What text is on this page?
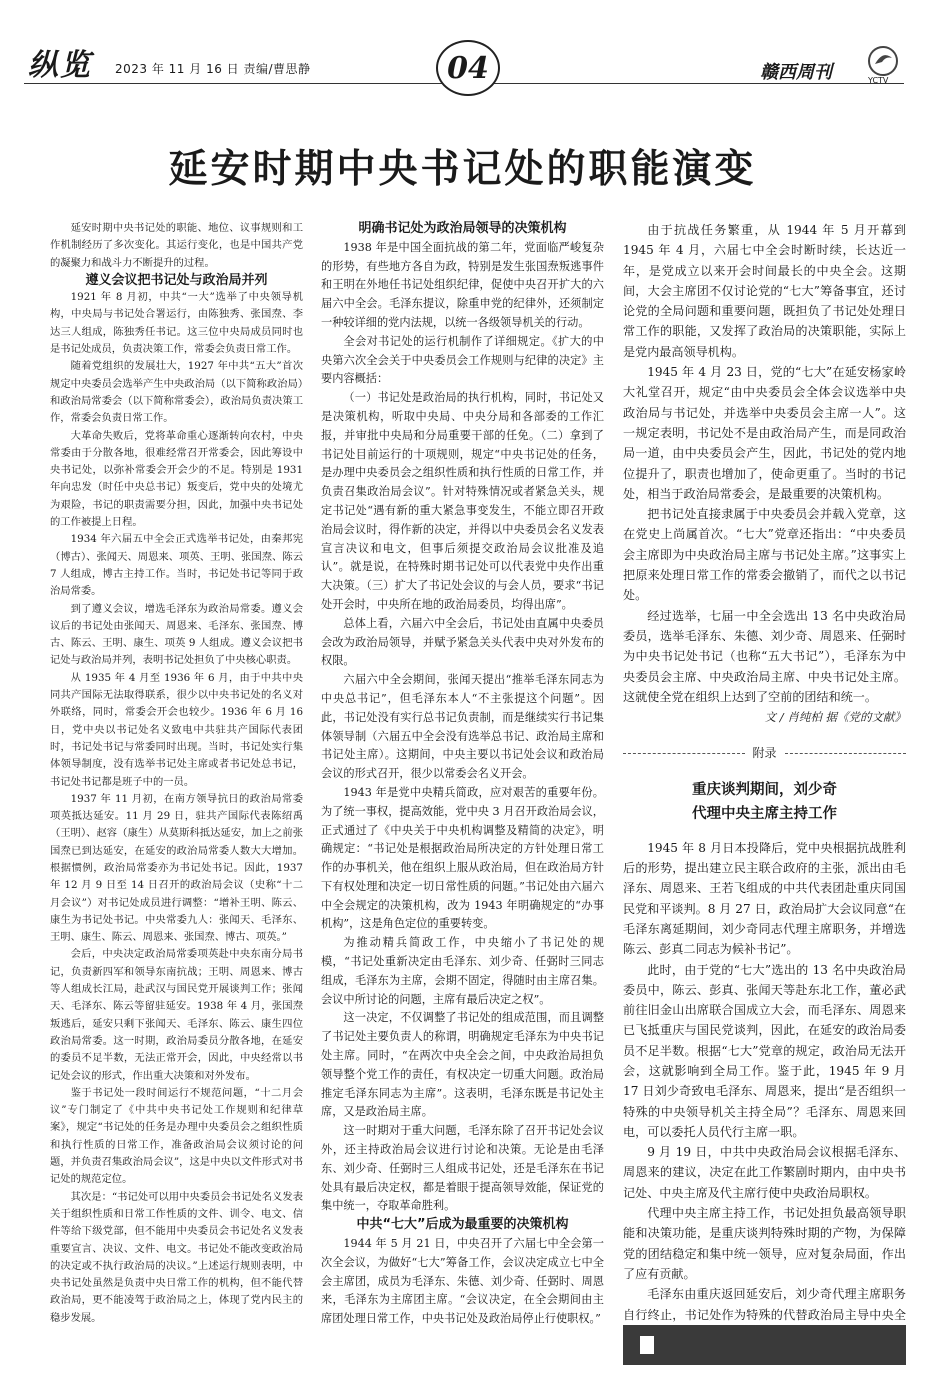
纵览 2023 年 11 月 16 日 责编/曹思静	04	赣西周刊	YCTV
延安时期中央书记处的职能演变

延安时期中央书记处的职能、地位、议事规则和工作机制经历了多次变化。其运行变化，也是中国共产党的凝聚力和战斗力不断提升的过程。

遵义会议把书记处与政治局并列

1921 年 8 月初，中共“一大”选举了中央领导机构，中央局与书记处合署运行，由陈独秀、张国焘、李达三人组成，陈独秀任书记。这三位中央局成员同时也是书记处成员，负责决策工作，常委会负责日常工作。

随着党组织的发展壮大，1927 年中共“五大”首次规定中央委员会选举产生中央政治局（以下简称政治局）和政治局常委会（以下简称常委会），政治局负责决策工作，常委会负责日常工作。

大革命失败后，党将革命重心逐渐转向农村，中央常委由于分散各地，很难经常召开常委会，因此筹设中央书记处，以弥补常委会开会少的不足。特别是 1931 年向忠发（时任中央总书记）叛变后，党中央的处境尤为艰险，书记的职责需要分担，因此，加强中央书记处的工作被提上日程。

1934 年六届五中全会正式选举书记处，由秦邦宪（博古）、张闻天、周恩来、项英、王明、张国焘、陈云 7 人组成，博古主持工作。当时，书记处书记等同于政治局常委。

到了遵义会议，增选毛泽东为政治局常委。遵义会议后的书记处由张闻天、周恩来、毛泽东、张国焘、博古、陈云、王明、康生、项英 9 人组成。遵义会议把书记处与政治局并列，表明书记处担负了中央核心职责。

从 1935 年 4 月至 1936 年 6 月，由于中共中央同共产国际无法取得联系，很少以中央书记处的名义对外联络，同时，常委会开会也较少。1936 年 6 月 16 日，党中央以书记处名义致电中共驻共产国际代表团时，书记处书记与常委同时出现。当时，书记处实行集体领导制度，没有选举书记处主席或者书记处总书记，书记处书记都是班子中的一员。

1937 年 11 月初，在南方领导抗日的政治局常委项英抵达延安。11 月 29 日，驻共产国际代表陈绍禹（王明）、赵容（康生）从莫斯科抵达延安，加上之前张国焘已到达延安，在延安的政治局常委人数大大增加。根据惯例，政治局常委亦为书记处书记。因此，1937 年 12 月 9 日至 14 日召开的政治局会议（史称“十二月会议”）对书记处成员进行调整：“增补王明、陈云、康生为书记处书记。中央常委九人：张闻天、毛泽东、王明、康生、陈云、周恩来、张国焘、博古、项英。”

会后，中央决定政治局常委项英赴中央东南分局书记，负责新四军和领导东南抗战；王明、周恩来、博古等人组成长江局，赴武汉与国民党开展谈判工作；张闻天、毛泽东、陈云等留驻延安。1938 年 4 月，张国焘叛逃后，延安只剩下张闻天、毛泽东、陈云、康生四位政治局常委。这一时期，政治局委员分散各地，在延安的委员不足半数，无法正常开会，因此，中央经常以书记处会议的形式，作出重大决策和对外发布。

鉴于书记处一段时间运行不规范问题，“十二月会议”专门制定了《中共中央书记处工作规则和纪律草案》，规定“书记处的任务是办理中央委员会之组织性质和执行性质的日常工作，准备政治局会议须讨论的问题，并负责召集政治局会议”，这是中央以文件形式对书记处的规范定位。

其次是：“书记处可以用中央委员会书记处名义发表关于组织性质和日常工作性质的文件、训令、电文、信件等给下级党部，但不能用中央委员会书记处名义发表重要宣言、决议、文件、电文。书记处不能改变政治局的决定或不执行政治局的决议。”上述运行规则表明，中央书记处虽然是负责中央日常工作的机构，但不能代替政治局，更不能凌驾于政治局之上，体现了党内民主的稳步发展。

明确书记处为政治局领导的决策机构

1938 年是中国全面抗战的第二年，党面临严峻复杂的形势，有些地方各自为政，特别是发生张国焘叛逃事件和王明在外地任书记处组织纪律，促使中央召开扩大的六届六中全会。毛泽东提议，除重申党的纪律外，还须制定一种较详细的党内法规，以统一各级领导机关的行动。

全会对书记处的运行机制作了详细规定。《扩大的中央第六次全会关于中央委员会工作规则与纪律的决定》主要内容概括：

（一）书记处是政治局的执行机构，同时，书记处又是决策机构，听取中央局、中央分局和各部委的工作汇报，并审批中央局和分局重要干部的任免。（二）拿到了书记处目前运行的十项规则，规定“中央书记处的任务，是办理中央委员会之组织性质和执行性质的日常工作，并负责召集政治局会议”。针对特殊情况或者紧急关头，规定书记处“遇有新的重大紧急事变发生，不能立即召开政治局会议时，得作新的决定，并得以中央委员会名义发表宣言决议和电文，但事后须提交政治局会议批准及追认”。就是说，在特殊时期书记处可以代表党中央作出重大决策。（三）扩大了书记处会议的与会人员，要求“书记处开会时，中央所在地的政治局委员，均得出席”。

总体上看，六届六中全会后，书记处由直属中央委员会改为政治局领导，并赋予紧急关头代表中央对外发布的权限。

六届六中全会期间，张闻天提出“推举毛泽东同志为中央总书记”，但毛泽东本人“不主张提这个问题”。因此，书记处没有实行总书记负责制，而是继续实行书记集体领导制（六届五中全会没有选举总书记、政治局主席和书记处主席）。这期间，中央主要以书记处会议和政治局会议的形式召开，很少以常委会名义开会。

1943 年是党中央精兵简政，应对艰苦的重要年份。为了统一事权，提高效能，党中央 3 月召开政治局会议，正式通过了《中央关于中央机构调整及精简的决定》，明确规定：“书记处是根据政治局所决定的方针处理日常工作的办事机关，他在组织上服从政治局，但在政治局方针下有权处理和决定一切日常性质的问题。”书记处由六届六中全会规定的决策机构，改为 1943 年明确规定的“办事机构”，这是角色定位的重要转变。

为推动精兵简政工作，中央缩小了书记处的规模，“书记处重新决定由毛泽东、刘少奇、任弼时三同志组成，毛泽东为主席，会期不固定，得随时由主席召集。会议中所讨论的问题，主席有最后决定之权”。

这一决定，不仅调整了书记处的组成范围，而且调整了书记处主要负责人的称谓，明确规定毛泽东为中央书记处主席。同时，“在两次中央全会之间，中央政治局担负领导整个党工作的责任，有权决定一切重大问题。政治局推定毛泽东同志为主席”。这表明，毛泽东既是书记处主席，又是政治局主席。

这一时期对于重大问题，毛泽东除了召开书记处会议外，还主持政治局会议进行讨论和决策。无论是由毛泽东、刘少奇、任弼时三人组成书记处，还是毛泽东在书记处具有最后决定权，都是着眼于提高领导效能，保证党的集中统一，夺取革命胜利。

中共“七大”后成为最重要的决策机构

1944 年 5 月 21 日，中央召开了六届七中全会第一次全会议，为做好“七大”筹备工作，会议决定成立七中全会主席团，成员为毛泽东、朱德、刘少奇、任弼时、周恩来，毛泽东为主席团主席。“会议决定，在全会期间由主席团处理日常工作，中央书记处及政治局停止行使职权。”

由于抗战任务繁重，从 1944 年 5 月开幕到 1945 年 4 月，六届七中全会时断时续，长达近一年，是党成立以来开会时间最长的中央全会。这期间，大会主席团不仅讨论党的“七大”筹备事宜，还讨论党的全局问题和重要问题，既担负了书记处处理日常工作的职能，又发挥了政治局的决策职能，实际上是党内最高领导机构。

1945 年 4 月 23 日，党的“七大”在延安杨家岭大礼堂召开，规定“由中央委员会全体会议选举中央政治局与书记处，并选举中央委员会主席一人”。这一规定表明，书记处不是由政治局产生，而是同政治局一道，由中央委员会产生，因此，书记处的党内地位提升了，职责也增加了，使命更重了。当时的书记处，相当于政治局常委会，是最重要的决策机构。

把书记处直接隶属于中央委员会并载入党章，这在党史上尚属首次。“七大”党章还指出：“中央委员会主席即为中央政治局主席与书记处主席。”这事实上把原来处理日常工作的常委会撤销了，而代之以书记处。

经过选举，七届一中全会选出 13 名中央政治局委员，选举毛泽东、朱德、刘少奇、周恩来、任弼时为中央书记处书记（也称“五大书记”），毛泽东为中央委员会主席、中央政治局主席、中央书记处主席。这就使全党在组织上达到了空前的团结和统一。

文 / 肖纯柏 据《党的文献》

附录
重庆谈判期间，刘少奇
代理中央主席主持工作

1945 年 8 月日本投降后，党中央根据抗战胜利后的形势，提出建立民主联合政府的主张，派出由毛泽东、周恩来、王若飞组成的中共代表团赴重庆同国民党和平谈判。8 月 27 日，政治局扩大会议同意“在毛泽东离延期间，刘少奇同志代理主席职务，并增选陈云、彭真二同志为候补书记”。

此时，由于党的“七大”选出的 13 名中央政治局委员中，陈云、彭真、张闻天等赴东北工作，董必武前往旧金山出席联合国成立大会，而毛泽东、周恩来已飞抵重庆与国民党谈判，因此，在延安的政治局委员不足半数。根据“七大”党章的规定，政治局无法开会，这就影响到全局工作。鉴于此，1945 年 9 月 17 日刘少奇致电毛泽东、周恩来，提出“是否组织一特殊的中央领导机关主持全局”？毛泽东、周恩来回电，可以委托人员代行主席一职。

9 月 19 日，中共中央政治局会议根据毛泽东、周恩来的建议，决定在此工作繁剧时期内，由中央书记处、中央主席及代主席行使中央政治局职权。

代理中央主席主持工作，书记处担负最高领导职能和决策功能，是重庆谈判特殊时期的产物，为保障党的团结稳定和集中统一领导，应对复杂局面，作出了应有贡献。

毛泽东由重庆返回延安后，刘少奇代理主席职务自行终止，书记处作为特殊的代替政治局主导中央全
